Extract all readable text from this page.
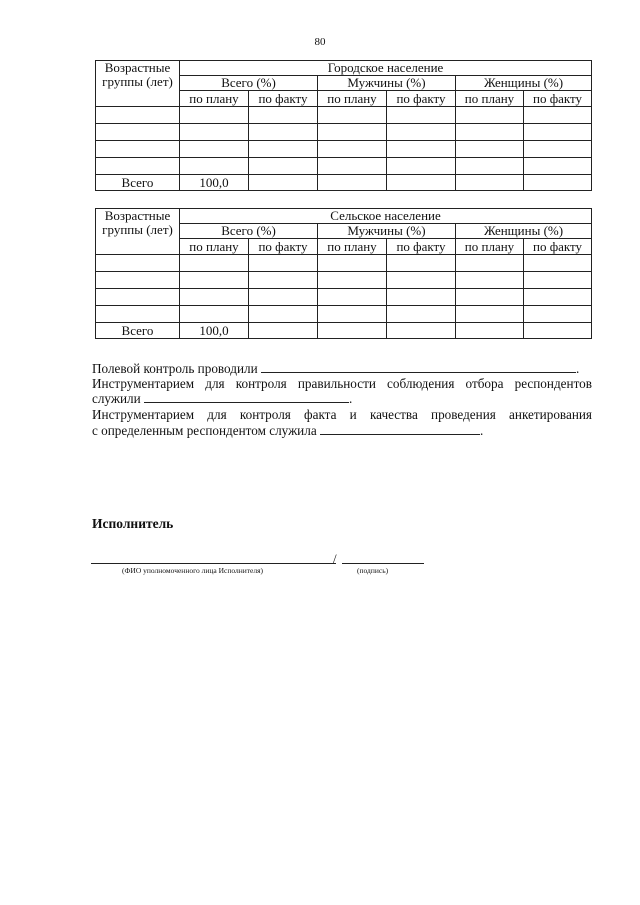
80
Возрастные группы (лет)	Городское население					
	Всего (%)		Мужчины (%)		Женщины (%)	
	по плану	по факту	по плану	по факту	по плану	по факту

Всего	100,0					
Возрастные группы (лет)	Сельское население					
	Всего (%)		Мужчины (%)		Женщины (%)	
	по плану	по факту	по плану	по факту	по плану	по факту

Всего	100,0					
Полевой контроль проводили	.
Инструментарием для контроля правильности соблюдения отбора респондентов
служили	.
Инструментарием для контроля факта и качества проведения анкетирования
с определенным респондентом служила	.
Исполнитель
/
(ФИО уполномоченного лица Исполнителя)	(подпись)
